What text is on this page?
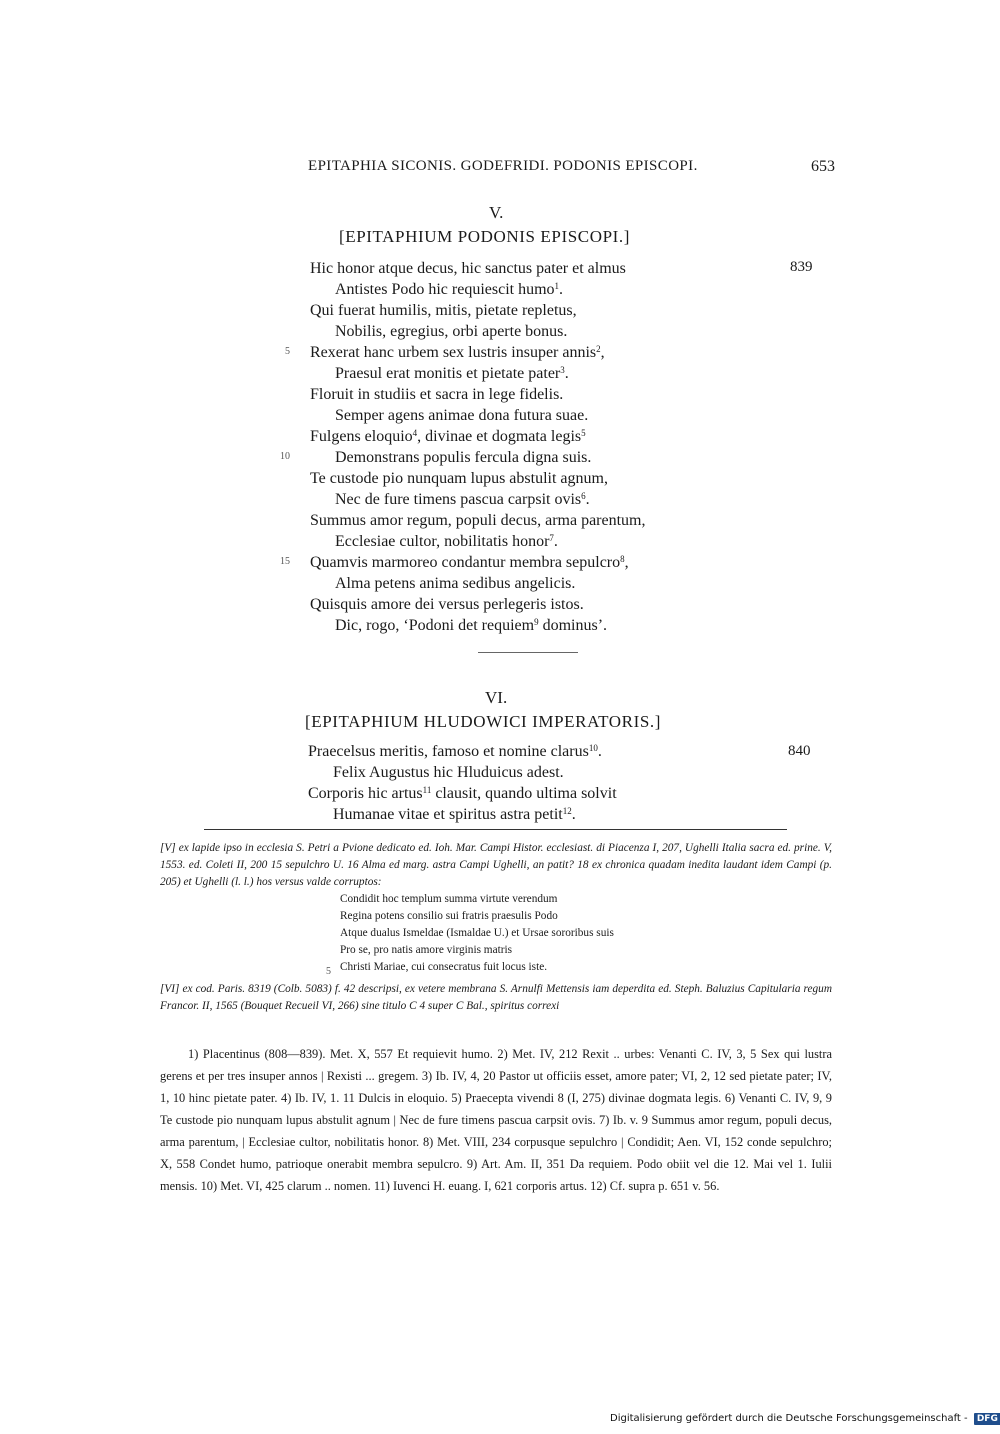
EPITAPHIA SICONIS. GODEFRIDI. PODONIS EPISCOPI.	653
V.
[EPITAPHIUM PODONIS EPISCOPI.]
839
Hic honor atque decus, hic sanctus pater et almus
Antistes Podo hic requiescit humo$^1$.
Qui fuerat humilis, mitis, pietate repletus,
Nobilis, egregius, orbi aperte bonus.
Rexerat hanc urbem sex lustris insuper annis$^2$,
Praesul erat monitis et pietate pater$^3$.
Floruit in studiis et sacra in lege fidelis.
Semper agens animae dona futura suae.
Fulgens eloquio$^4$, divinae et dogmata legis$^5$
Demonstrans populis fercula digna suis.
Te custode pio nunquam lupus abstulit agnum,
Nec de fure timens pascua carpsit ovis$^6$.
Summus amor regum, populi decus, arma parentum,
Ecclesiae cultor, nobilitatis honor$^7$.
Quamvis marmoreo condantur membra sepulcro$^8$,
Alma petens anima sedibus angelicis.
Quisquis amore dei versus perlegeris istos.
Dic, rogo, ‘Podoni det requiem$^9$ dominus’.
5
10
15
VI.
[EPITAPHIUM HLUDOWICI IMPERATORIS.]
840
Praecelsus meritis, famoso et nomine clarus$^{10}$.
Felix Augustus hic Hluduicus adest.
Corporis hic artus$^{11}$ clausit, quando ultima solvit
Humanae vitae et spiritus astra petit$^{12}$.

[V] ex lapide ipso in ecclesia S. Petri a Pvione dedicato ed. Ioh. Mar. Campi Histor. ecclesiast. di Piacenza I, 207, Ughelli Italia sacra ed. prine. V, 1553. ed. Coleti II, 200 15 sepulchro U. 16 Alma ed marg. astra Campi Ughelli, an patit? 18 ex chronica quadam inedita laudant idem Campi (p. 205) et Ughelli (l. l.) hos versus valde corruptos:

Condidit hoc templum summa virtute verendum
Regina potens consilio sui fratris praesulis Podo
Atque dualus Ismeldae (Ismaldae U.) et Ursae sororibus suis
Pro se, pro natis amore virginis matris
Christi Mariae, cui consecratus fuit locus iste.
5

[VI] ex cod. Paris. 8319 (Colb. 5083) f. 42 descripsi, ex vetere membrana S. Arnulfi Mettensis iam deperdita ed. Steph. Baluzius Capitularia regum Francor. II, 1565 (Bouquet Recueil VI, 266) sine titulo C 4 super C Bal., spiritus correxi

1) Placentinus (808—839). Met. X, 557 Et requievit humo. 2) Met. IV, 212 Rexit .. urbes: Venanti C. IV, 3, 5 Sex qui lustra gerens et per tres insuper annos | Rexisti ... gregem. 3) Ib. IV, 4, 20 Pastor ut officiis esset, amore pater; VI, 2, 12 sed pietate pater; IV, 1, 10 hinc pietate pater. 4) Ib. IV, 1. 11 Dulcis in eloquio. 5) Praecepta vivendi 8 (I, 275) divinae dogmata legis. 6) Venanti C. IV, 9, 9 Te custode pio nunquam lupus abstulit agnum | Nec de fure timens pascua carpsit ovis. 7) Ib. v. 9 Summus amor regum, populi decus, arma parentum, | Ecclesiae cultor, nobilitatis honor. 8) Met. VIII, 234 corpusque sepulchro | Condidit; Aen. VI, 152 conde sepulchro; X, 558 Condet humo, patrioque onerabit membra sepulcro. 9) Art. Am. II, 351 Da requiem. Podo obiit vel die 12. Mai vel 1. Iulii mensis. 10) Met. VI, 425 clarum .. nomen. 11) Iuvenci H. euang. I, 621 corporis artus. 12) Cf. supra p. 651 v. 56.

Digitalisierung gefördert durch die Deutsche Forschungsgemeinschaft - DFG
